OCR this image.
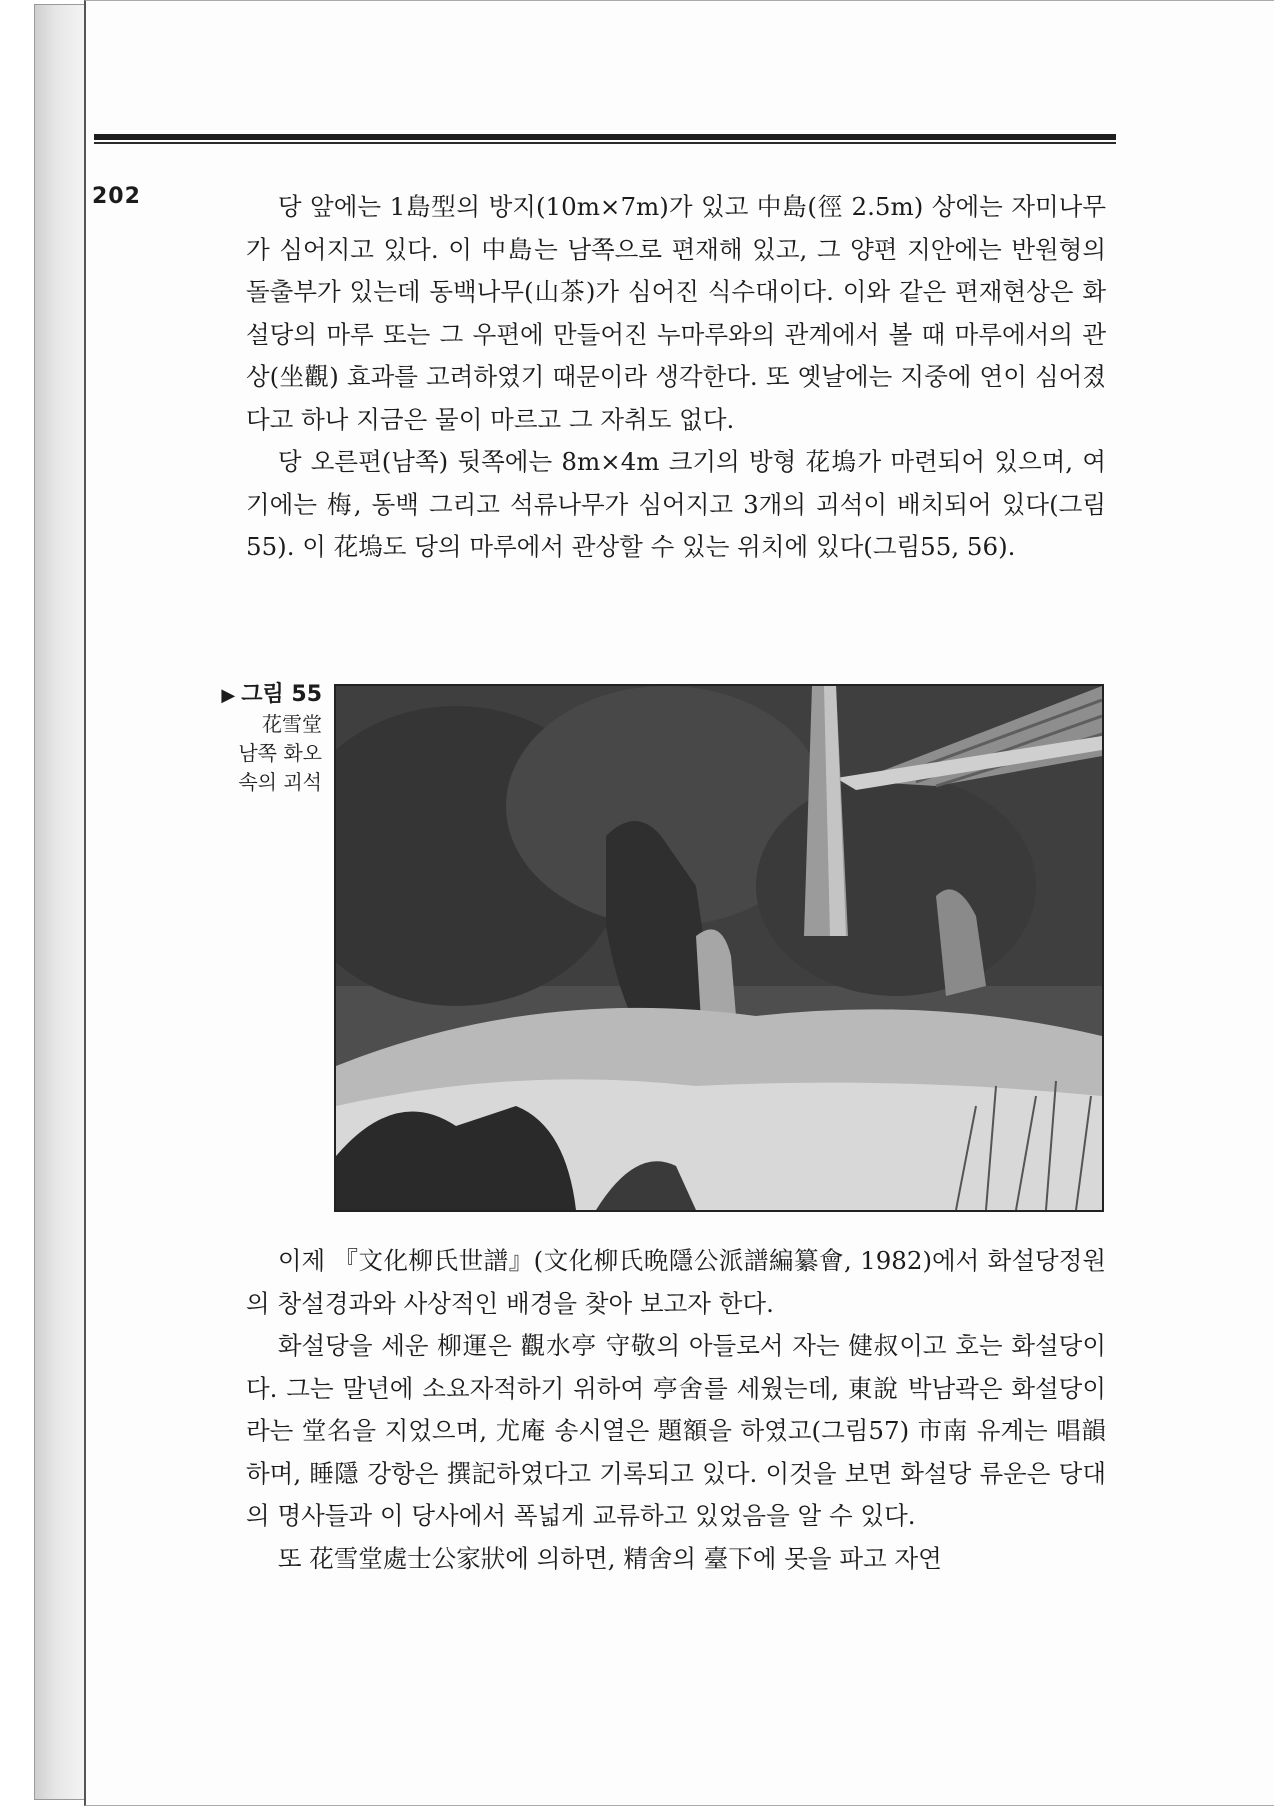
202	당 앞에는 1島型의 방지(10m×7m)가 있고 中島(徑 2.5m) 상에는 자미나무가 심어지고 있다. 이 中島는 남쪽으로 편재해 있고, 그 양편 지안에는 반원형의 돌출부가 있는데 동백나무(山茶)가 심어진 식수대이다. 이와 같은 편재현상은 화설당의 마루 또는 그 우편에 만들어진 누마루와의 관계에서 볼 때 마루에서의 관상(坐觀) 효과를 고려하였기 때문이라 생각한다. 또 옛날에는 지중에 연이 심어졌다고 하나 지금은 물이 마르고 그 자취도 없다.

당 오른편(남쪽) 뒷쪽에는 8m×4m 크기의 방형 花塢가 마련되어 있으며, 여기에는 梅, 동백 그리고 석류나무가 심어지고 3개의 괴석이 배치되어 있다(그림55). 이 花塢도 당의 마루에서 관상할 수 있는 위치에 있다(그림55, 56).

▶ 그림 55
花雪堂
남쪽 화오
속의 괴석

이제 『文化柳氏世譜』(文化柳氏晩隱公派譜編纂會, 1982)에서 화설당정원의 창설경과와 사상적인 배경을 찾아 보고자 한다.

화설당을 세운 柳運은 觀水亭 守敬의 아들로서 자는 健叔이고 호는 화설당이다. 그는 말년에 소요자적하기 위하여 亭舍를 세웠는데, 東說 박남곽은 화설당이라는 堂名을 지었으며, 尤庵 송시열은 題額을 하였고(그림57) 市南 유계는 唱韻하며, 睡隱 강항은 撰記하였다고 기록되고 있다. 이것을 보면 화설당 류운은 당대의 명사들과 이 당사에서 폭넓게 교류하고 있었음을 알 수 있다.

또 花雪堂處士公家狀에 의하면, 精舍의 臺下에 못을 파고 자연
